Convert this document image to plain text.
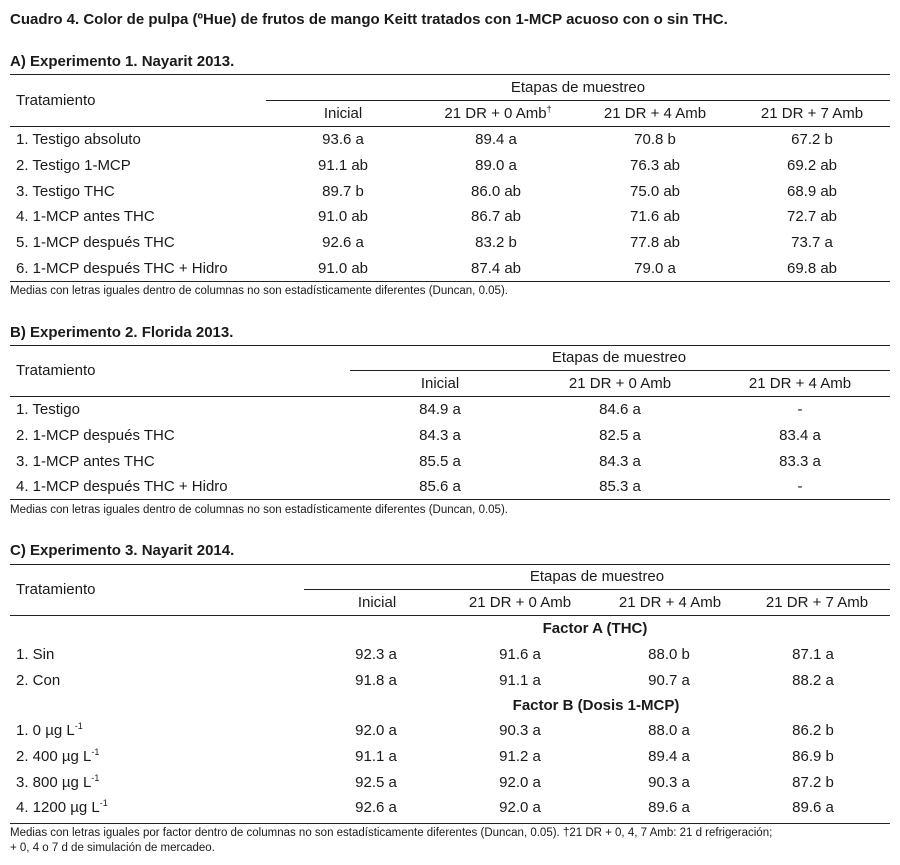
Cuadro 4. Color de pulpa (ºHue) de frutos de mango Keitt tratados con 1-MCP acuoso con o sin THC.
A) Experimento 1. Nayarit 2013.
Tratamiento
Etapas de muestreo
Inicial	21 DR + 0 Amb†	21 DR + 4 Amb	21 DR + 7 Amb
1. Testigo absoluto	93.6 a	89.4 a	70.8 b	67.2 b
2. Testigo 1-MCP	91.1 ab	89.0 a	76.3 ab	69.2 ab
3. Testigo THC	89.7 b	86.0 ab	75.0 ab	68.9 ab
4. 1-MCP antes THC	91.0 ab	86.7 ab	71.6 ab	72.7 ab
5. 1-MCP después THC	92.6 a	83.2 b	77.8 ab	73.7 a
6. 1-MCP después THC + Hidro	91.0 ab	87.4 ab	79.0 a	69.8 ab
Medias con letras iguales dentro de columnas no son estadísticamente diferentes (Duncan, 0.05).
B) Experimento 2. Florida 2013.
Tratamiento
Etapas de muestreo
Inicial	21 DR + 0 Amb	21 DR + 4 Amb
1. Testigo	84.9 a	84.6 a	-
2. 1-MCP después THC	84.3 a	82.5 a	83.4 a
3. 1-MCP antes THC	85.5 a	84.3 a	83.3 a
4. 1-MCP después THC + Hidro	85.6 a	85.3 a	-
Medias con letras iguales dentro de columnas no son estadísticamente diferentes (Duncan, 0.05).
C) Experimento 3. Nayarit 2014.
Tratamiento
Etapas de muestreo
Inicial	21 DR + 0 Amb	21 DR + 4 Amb	21 DR + 7 Amb
Factor A (THC)
1. Sin	92.3 a	91.6 a	88.0 b	87.1 a
2. Con	91.8 a	91.1 a	90.7 a	88.2 a
Factor B (Dosis 1-MCP)
1. 0 µg $L^{-1}$	92.0 a	90.3 a	88.0 a	86.2 b
2. 400 µg $L^{-1}$	91.1 a	91.2 a	89.4 a	86.9 b
3. 800 µg $L^{-1}$	92.5 a	92.0 a	90.3 a	87.2 b
4. 1200 µg $L^{-1}$	92.6 a	92.0 a	89.6 a	89.6 a
Medias con letras iguales por factor dentro de columnas no son estadísticamente diferentes (Duncan, 0.05). †21 DR + 0, 4, 7 Amb: 21 d refrigeración;
+ 0, 4 o 7 d de simulación de mercadeo.
